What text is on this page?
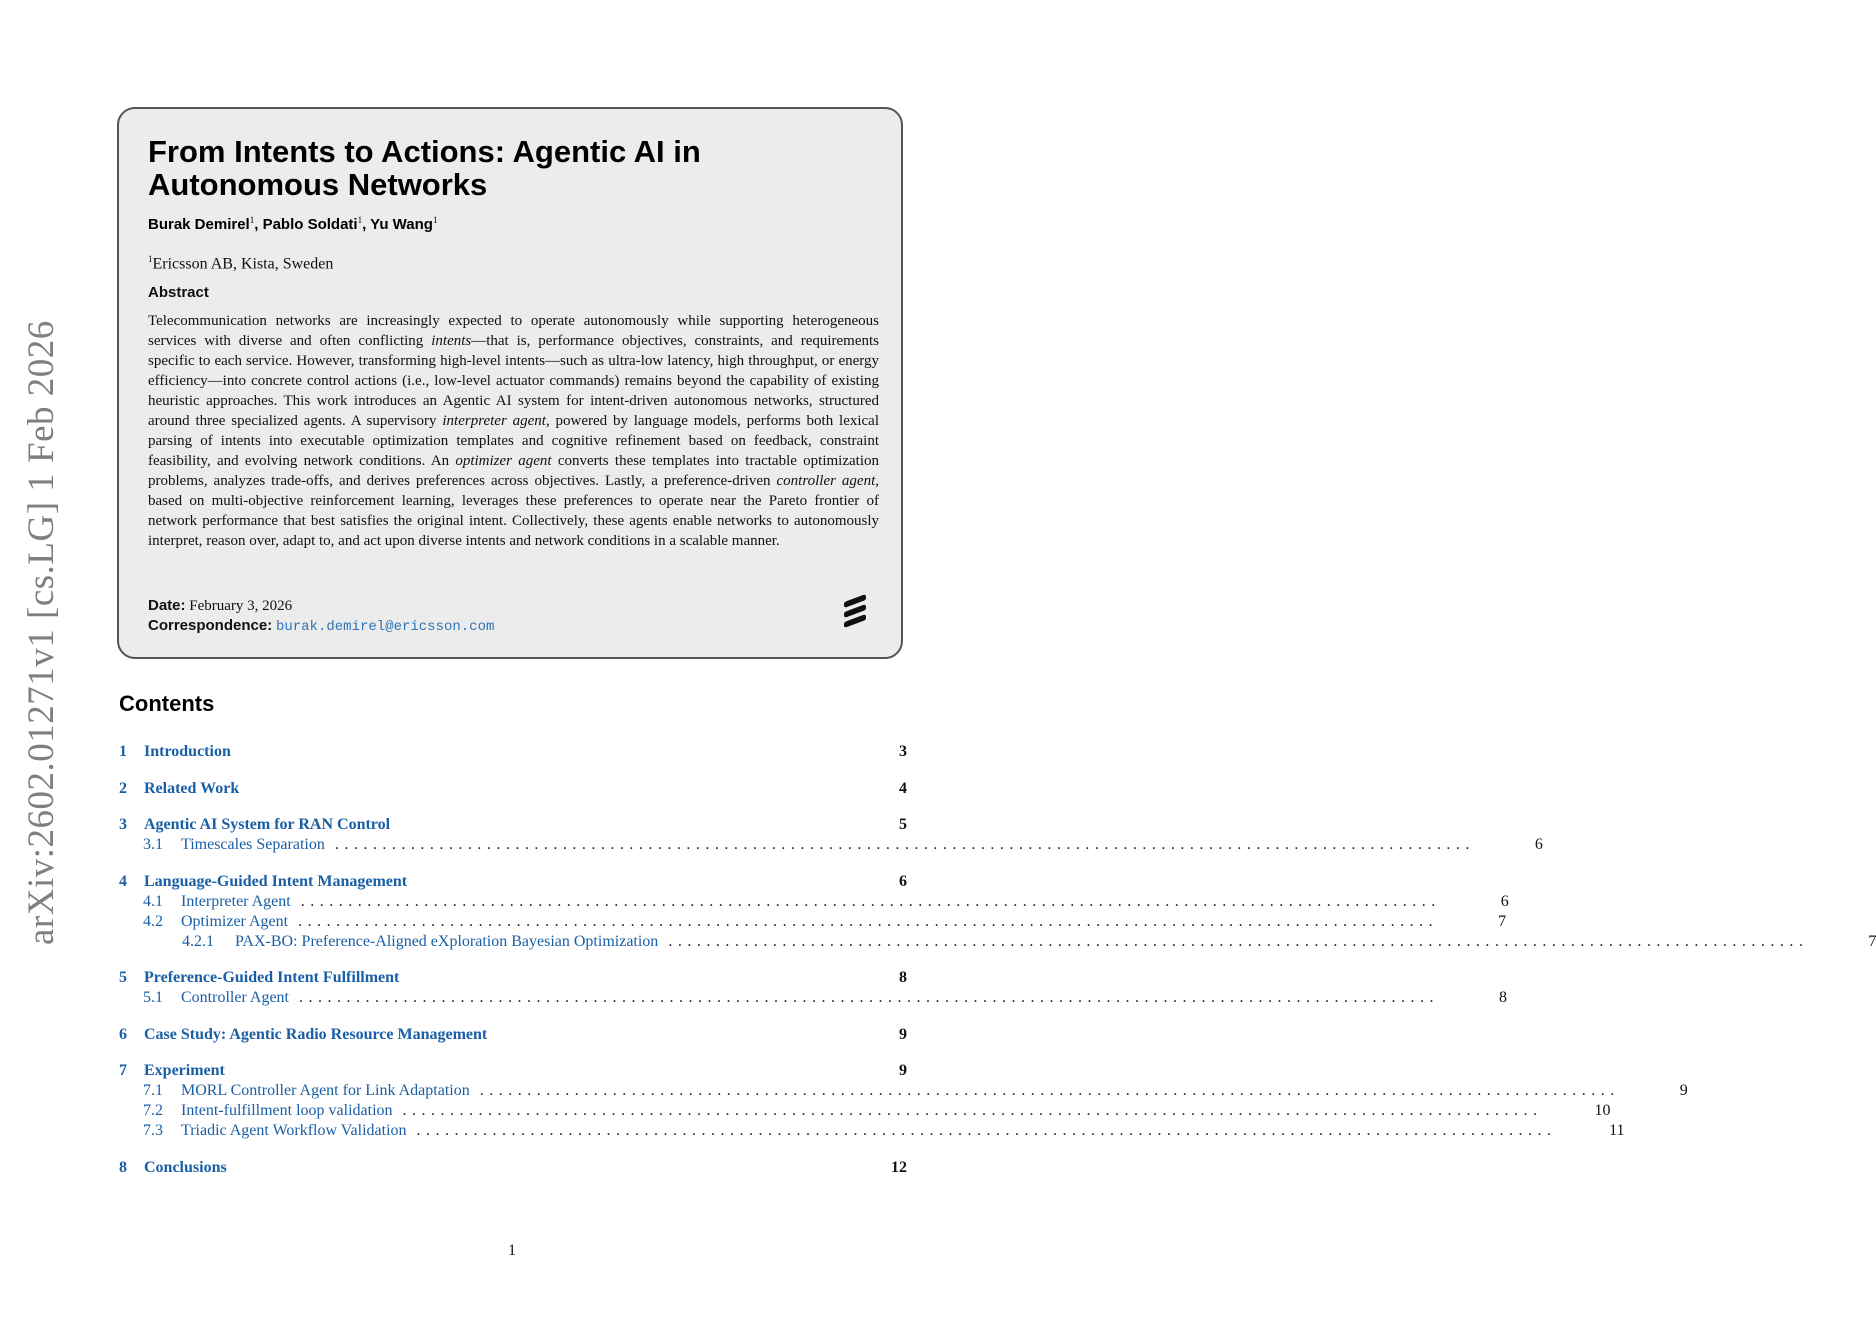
arXiv:2602.01271v1 [cs.LG] 1 Feb 2026
From Intents to Actions: Agentic AI in Autonomous Networks
Burak Demirel$^1$, Pablo Soldati$^1$, Yu Wang$^1$
$^1$Ericsson AB, Kista, Sweden
Abstract

Telecommunication networks are increasingly expected to operate autonomously while supporting heterogeneous services with diverse and often conflicting intents—that is, performance objectives, constraints, and requirements specific to each service. However, transforming high-level intents—such as ultra-low latency, high throughput, or energy efficiency—into concrete control actions (i.e., low-level actuator commands) remains beyond the capability of existing heuristic approaches. This work introduces an Agentic AI system for intent-driven autonomous networks, structured around three specialized agents. A supervisory interpreter agent, powered by language models, performs both lexical parsing of intents into executable optimization templates and cognitive refinement based on feedback, constraint feasibility, and evolving network conditions. An optimizer agent converts these templates into tractable optimization problems, analyzes trade-offs, and derives preferences across objectives. Lastly, a preference-driven controller agent, based on multi-objective reinforcement learning, leverages these preferences to operate near the Pareto frontier of network performance that best satisfies the original intent. Collectively, these agents enable networks to autonomously interpret, reason over, adapt to, and act upon diverse intents and network conditions in a scalable manner.

Date: February 3, 2026
Correspondence: burak.demirel@ericsson.com
Contents
1	Introduction	3
2	Related Work	4
3	Agentic AI System for RAN Control	5
3.1	Timescales Separation ........................................................................................................................	6
4	Language-Guided Intent Management	6
4.1	Interpreter Agent ........................................................................................................................	6
4.2	Optimizer Agent ........................................................................................................................	7
4.2.1	PAX-BO: Preference-Aligned eXploration Bayesian Optimization ........................................................................................................................	7
5	Preference-Guided Intent Fulfillment	8
5.1	Controller Agent ........................................................................................................................	8
6	Case Study: Agentic Radio Resource Management	9
7	Experiment	9
7.1	MORL Controller Agent for Link Adaptation ........................................................................................................................	9
7.2	Intent-fulfillment loop validation ........................................................................................................................	10
7.3	Triadic Agent Workflow Validation ........................................................................................................................	11
8	Conclusions	12
1
